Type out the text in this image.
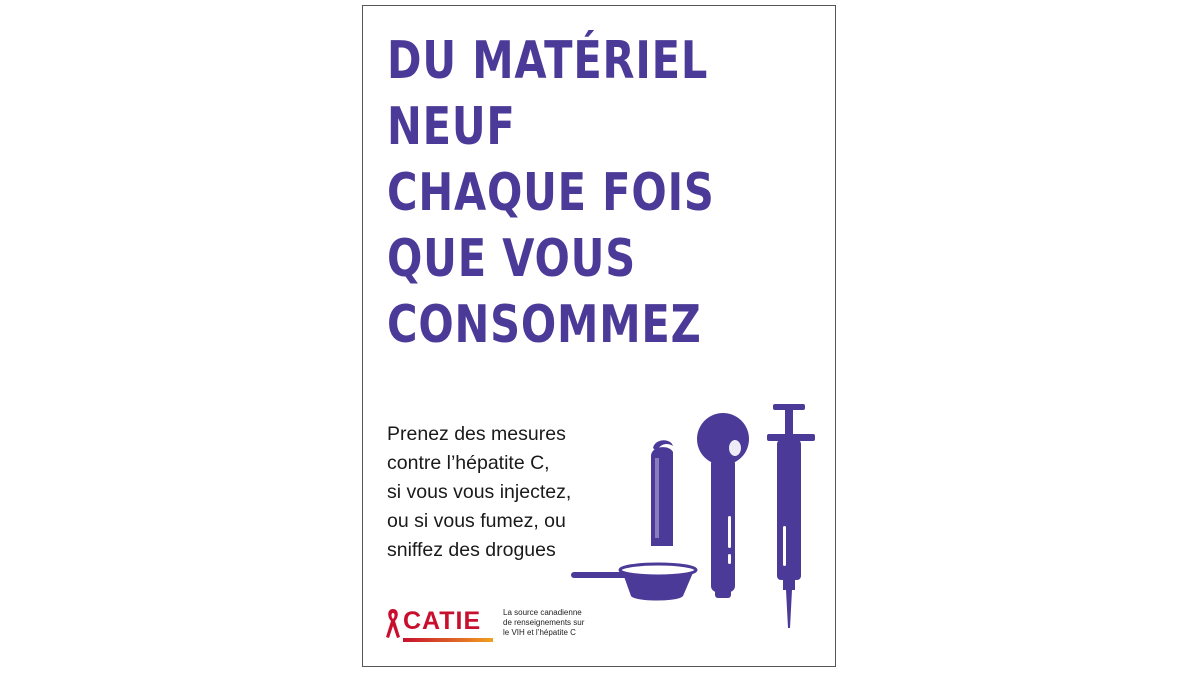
DU MATÉRIEL
NEUF
CHAQUE FOIS
QUE VOUS
CONSOMMEZ
Prenez des mesures
contre l’hépatite C,
si vous vous injectez,
ou si vous fumez, ou
sniffez des drogues
CATIE	La source canadienne
de renseignements sur
le VIH et l’hépatite C
